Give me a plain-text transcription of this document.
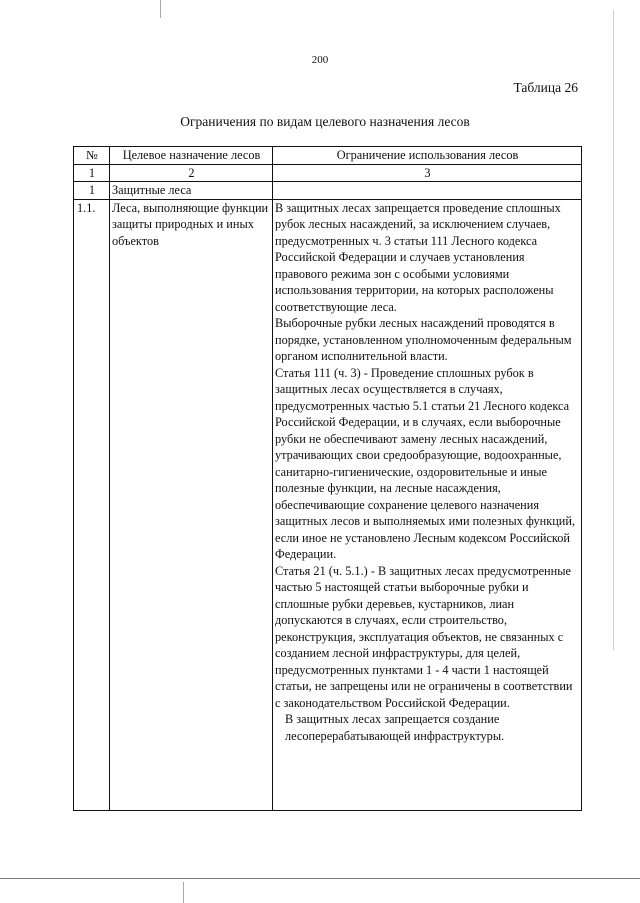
200
Таблица 26
Ограничения по видам целевого назначения лесов
№	Целевое назначение лесов	Ограничение использования лесов
1	2	3
1	Защитные леса	
1.1.	Леса, выполняющие функции защиты природных и иных объектов	В защитных лесах запрещается проведение сплошных рубок лесных насаждений, за исключением случаев, предусмотренных ч. 3 статьи 111 Лесного кодекса Российской Федерации и случаев установления правового режима зон с особыми условиями использования территории, на которых расположены соответствующие леса.
Выборочные рубки лесных насаждений проводятся в порядке, установленном уполномоченным федеральным органом исполнительной власти.
Статья 111 (ч. 3) - Проведение сплошных рубок в защитных лесах осуществляется в случаях, предусмотренных частью 5.1 статьи 21 Лесного кодекса Российской Федерации, и в случаях, если выборочные рубки не обеспечивают замену лесных насаждений, утрачивающих свои средообразующие, водоохранные, санитарно-гигиенические, оздоровительные и иные полезные функции, на лесные насаждения, обеспечивающие сохранение целевого назначения защитных лесов и выполняемых ими полезных функций, если иное не установлено Лесным кодексом Российской Федерации.
Статья 21 (ч. 5.1.) - В защитных лесах предусмотренные частью 5 настоящей статьи выборочные рубки и сплошные рубки деревьев, кустарников, лиан допускаются в случаях, если строительство, реконструкция, эксплуатация объектов, не связанных с созданием лесной инфраструктуры, для целей, предусмотренных пунктами 1 - 4 части 1 настоящей статьи, не запрещены или не ограничены в соответствии с законодательством Российской Федерации.
В защитных лесах запрещается создание лесоперерабатывающей инфраструктуры.
